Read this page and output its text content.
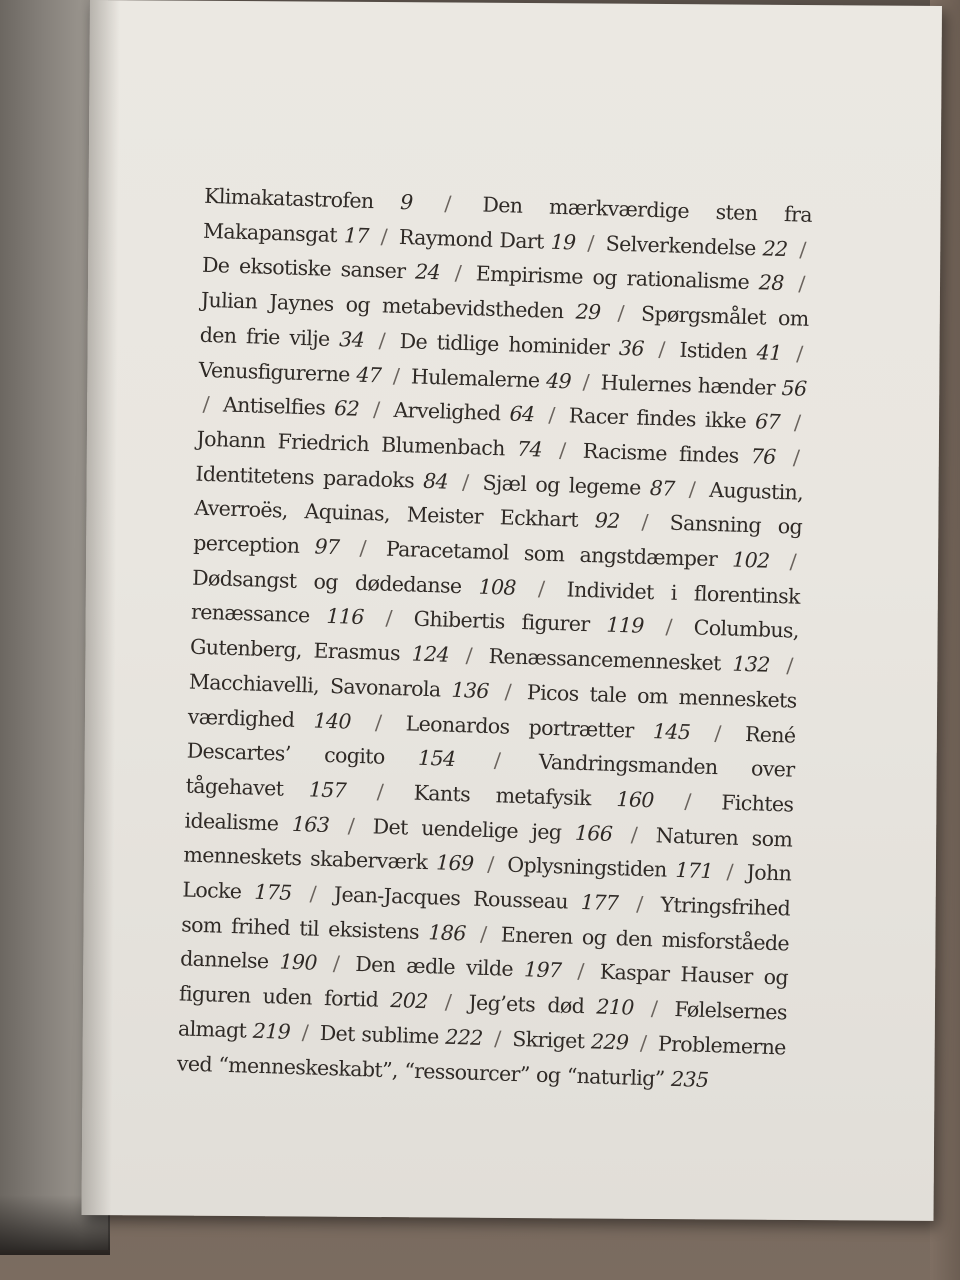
Klimakatastrofen 9 / Den mærkværdige sten fra Makapansgat 17 / Raymond Dart 19 / Selverkendelse 22 / De eksotiske sanser 24 / Empirisme og rationalisme 28 / Julian Jaynes og metabevidstheden 29 / Spørgsmålet om den frie vilje 34 / De tidlige hominider 36 / Istiden 41 / Venusfigurerne 47 / Hulemalerne 49 / Hulernes hænder 56 / Antiselfies 62 / Arvelighed 64 / Racer findes ikke 67 / Johann Friedrich Blumenbach 74 / Racisme findes 76 / Identitetens paradoks 84 / Sjæl og legeme 87 / Augustin, Averroës, Aquinas, Meister Eckhart 92 / Sansning og perception 97 / Paracetamol som angstdæmper 102 / Dødsangst og dødedanse 108 / Individet i florentinsk renæssance 116 / Ghibertis figurer 119 / Columbus, Gutenberg, Erasmus 124 / Renæssancemennesket 132 / Macchiavelli, Savonarola 136 / Picos tale om menneskets værdighed 140 / Leonardos portrætter 145 / René Descartes’ cogito 154 / Vandringsmanden over tågehavet 157 / Kants metafysik 160 / Fichtes idealisme 163 / Det uendelige jeg 166 / Naturen som menneskets skaberværk 169 / Oplysningstiden 171 / John Locke 175 / Jean-Jacques Rousseau 177 / Ytringsfrihed som frihed til eksistens 186 / Eneren og den misforståede dannelse 190 / Den ædle vilde 197 / Kaspar Hauser og figuren uden fortid 202 / Jeg’ets død 210 / Følelsernes almagt 219 / Det sublime 222 / Skriget 229 / Problemerne ved “menneskeskabt”, “ressourcer” og “naturlig” 235
